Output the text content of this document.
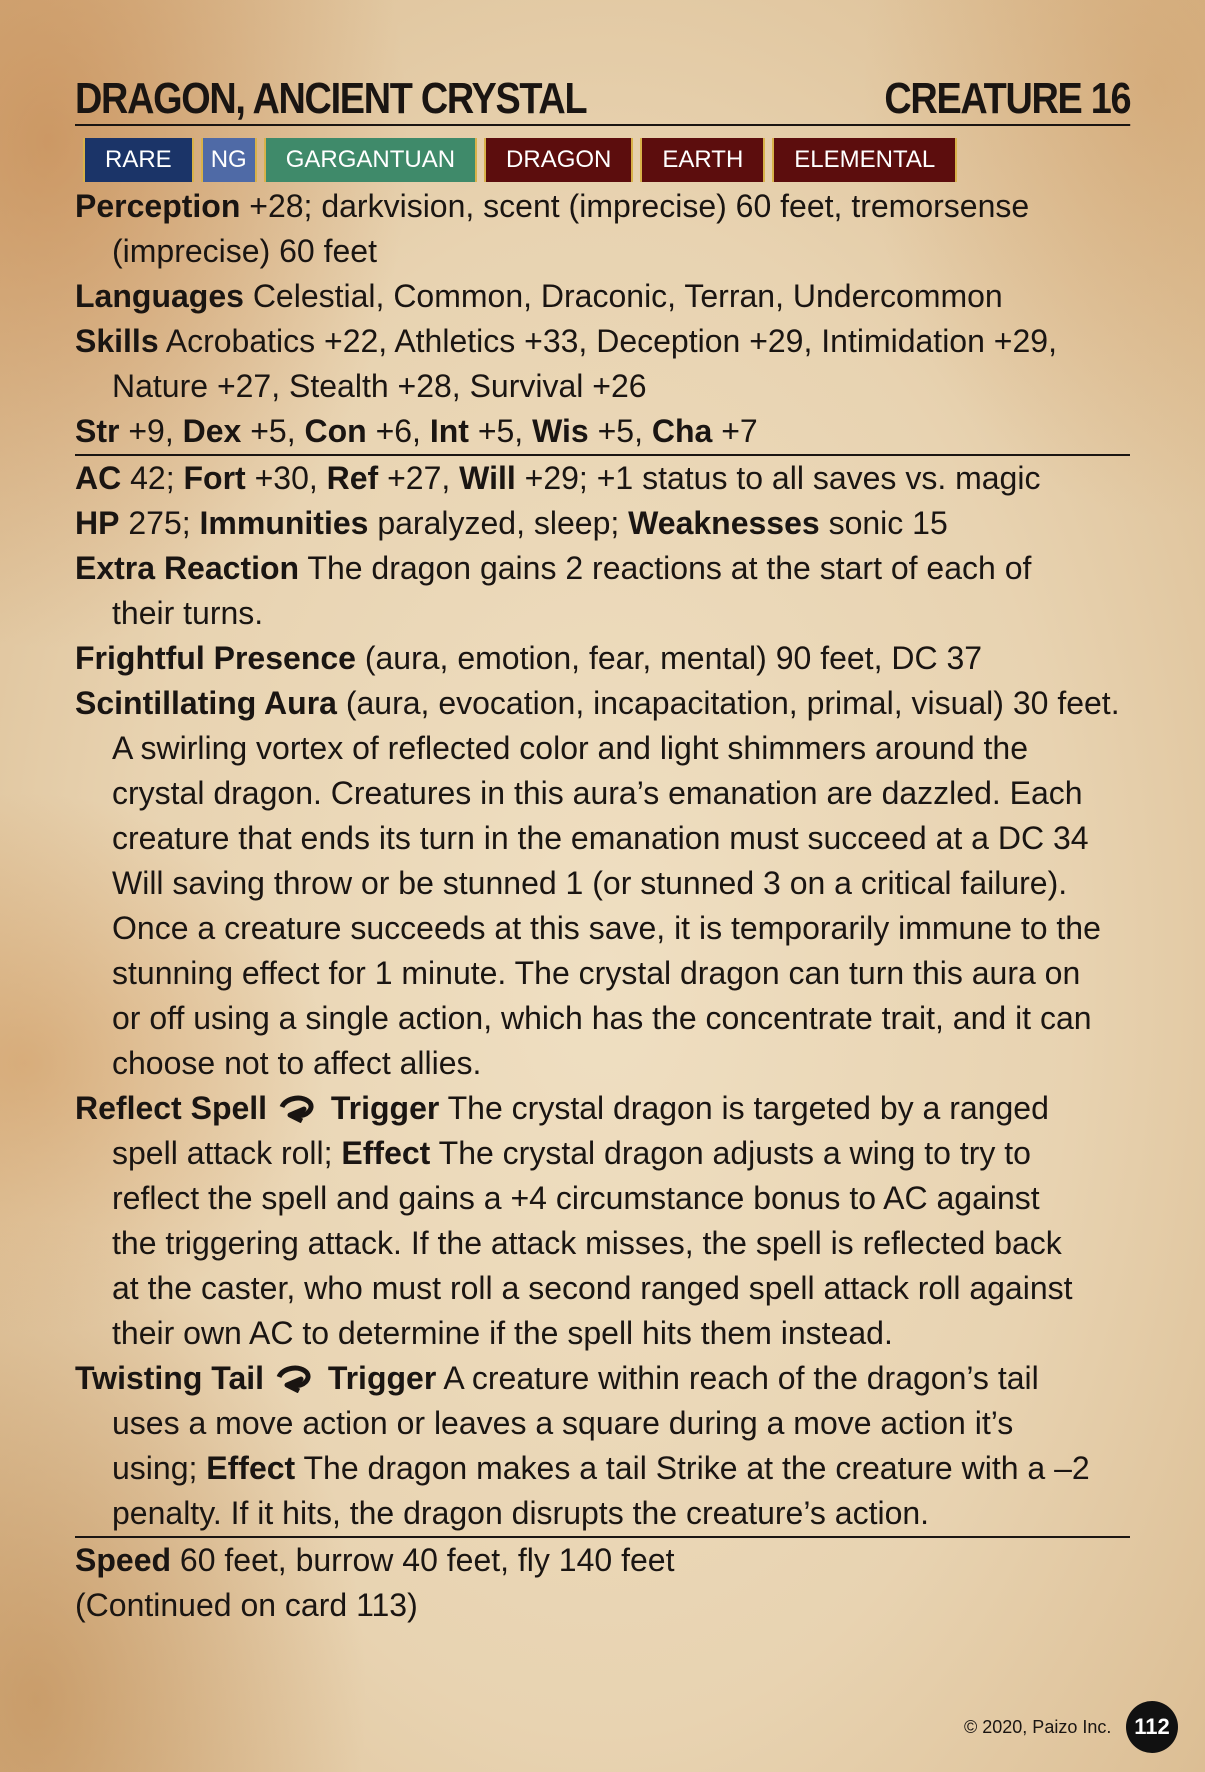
DRAGON, ANCIENT CRYSTAL	CREATURE 16
RARE	NG	GARGANTUAN	DRAGON	EARTH	ELEMENTAL
Perception +28; darkvision, scent (imprecise) 60 feet, tremorsense
(imprecise) 60 feet
Languages Celestial, Common, Draconic, Terran, Undercommon
Skills Acrobatics +22, Athletics +33, Deception +29, Intimidation +29,
Nature +27, Stealth +28, Survival +26
Str +9, Dex +5, Con +6, Int +5, Wis +5, Cha +7
AC 42; Fort +30, Ref +27, Will +29; +1 status to all saves vs. magic
HP 275; Immunities paralyzed, sleep; Weaknesses sonic 15
Extra Reaction The dragon gains 2 reactions at the start of each of
their turns.
Frightful Presence (aura, emotion, fear, mental) 90 feet, DC 37
Scintillating Aura (aura, evocation, incapacitation, primal, visual) 30 feet.
A swirling vortex of reflected color and light shimmers around the
crystal dragon. Creatures in this aura’s emanation are dazzled. Each
creature that ends its turn in the emanation must succeed at a DC 34
Will saving throw or be stunned 1 (or stunned 3 on a critical failure).
Once a creature succeeds at this save, it is temporarily immune to the
stunning effect for 1 minute. The crystal dragon can turn this aura on
or off using a single action, which has the concentrate trait, and it can
choose not to affect allies.
Reflect Spell Trigger The crystal dragon is targeted by a ranged
spell attack roll; Effect The crystal dragon adjusts a wing to try to
reflect the spell and gains a +4 circumstance bonus to AC against
the triggering attack. If the attack misses, the spell is reflected back
at the caster, who must roll a second ranged spell attack roll against
their own AC to determine if the spell hits them instead.
Twisting Tail Trigger A creature within reach of the dragon’s tail
uses a move action or leaves a square during a move action it’s
using; Effect The dragon makes a tail Strike at the creature with a –2
penalty. If it hits, the dragon disrupts the creature’s action.
Speed 60 feet, burrow 40 feet, fly 140 feet
(Continued on card 113)
© 2020, Paizo Inc.	112
